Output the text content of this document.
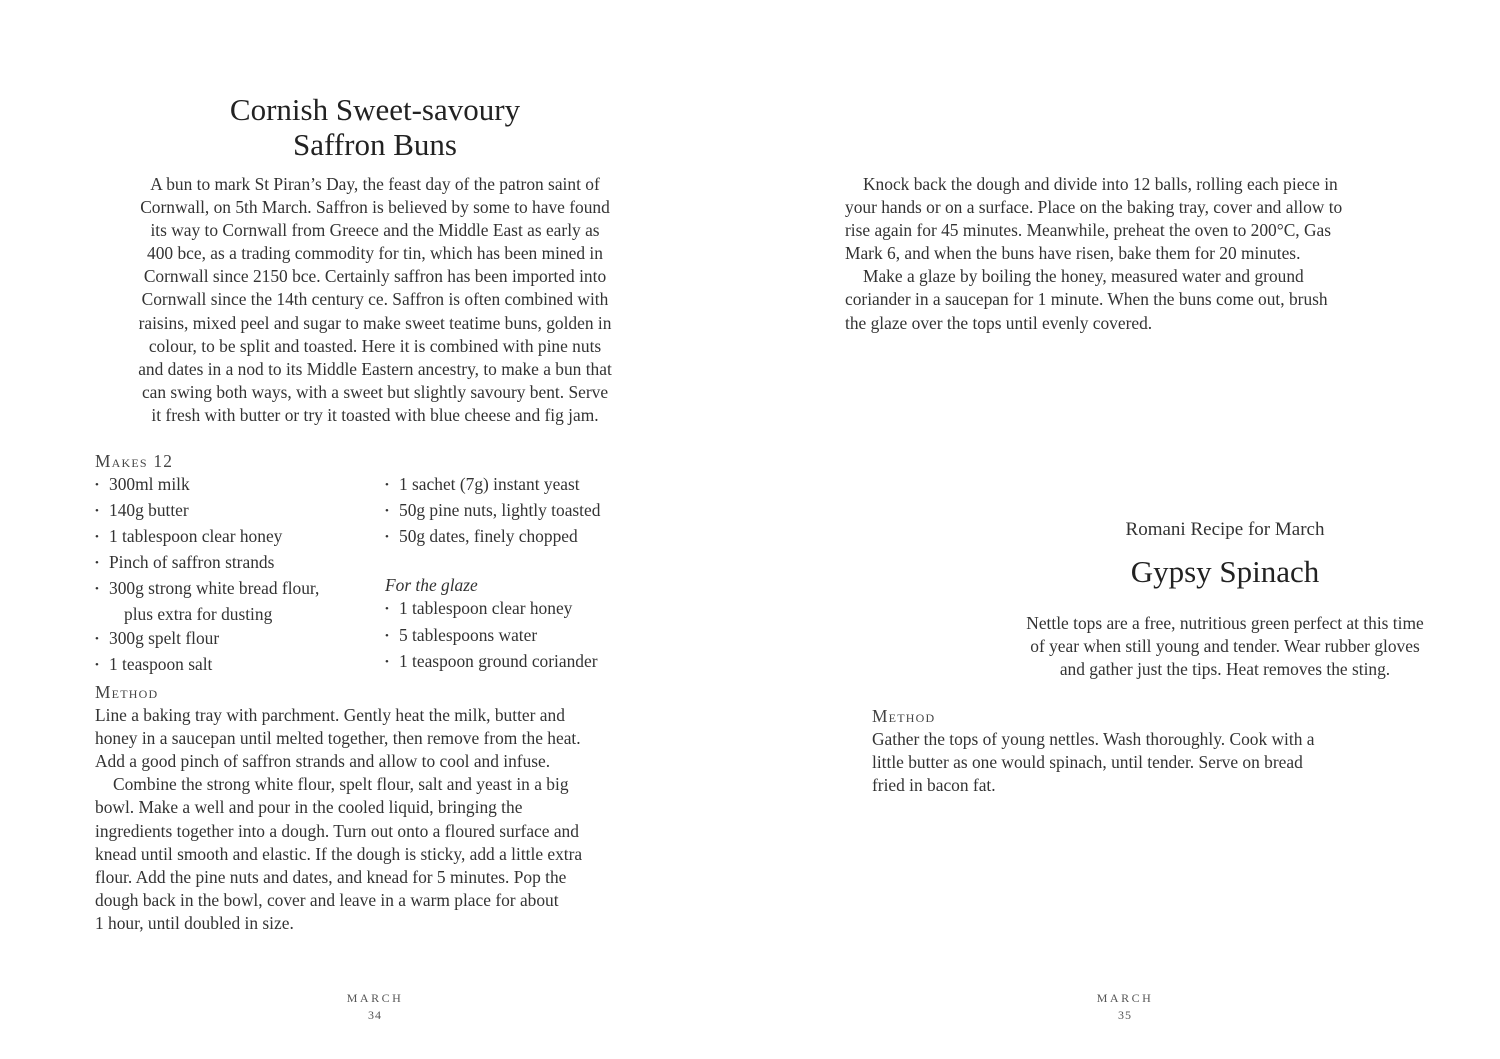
Cornish Sweet-savoury
Saffron Buns
A bun to mark St Piran’s Day, the feast day of the patron saint of
Cornwall, on 5th March. Saffron is believed by some to have found
its way to Cornwall from Greece and the Middle East as early as
400 bce, as a trading commodity for tin, which has been mined in
Cornwall since 2150 bce. Certainly saffron has been imported into
Cornwall since the 14th century ce. Saffron is often combined with
raisins, mixed peel and sugar to make sweet teatime buns, golden in
colour, to be split and toasted. Here it is combined with pine nuts
and dates in a nod to its Middle Eastern ancestry, to make a bun that
can swing both ways, with a sweet but slightly savoury bent. Serve
it fresh with butter or try it toasted with blue cheese and fig jam.
Makes 12
•300ml milk
•140g butter
•1 tablespoon clear honey
•Pinch of saffron strands
•300g strong white bread flour,
plus extra for dusting
•300g spelt flour
•1 teaspoon salt
•1 sachet (7g) instant yeast
•50g pine nuts, lightly toasted
•50g dates, finely chopped
For the glaze
•1 tablespoon clear honey
•5 tablespoons water
•1 teaspoon ground coriander
Method
Line a baking tray with parchment. Gently heat the milk, butter and
honey in a saucepan until melted together, then remove from the heat.
Add a good pinch of saffron strands and allow to cool and infuse.
Combine the strong white flour, spelt flour, salt and yeast in a big
bowl. Make a well and pour in the cooled liquid, bringing the
ingredients together into a dough. Turn out onto a floured surface and
knead until smooth and elastic. If the dough is sticky, add a little extra
flour. Add the pine nuts and dates, and knead for 5 minutes. Pop the
dough back in the bowl, cover and leave in a warm place for about
1 hour, until doubled in size.
MARCH
34
Knock back the dough and divide into 12 balls, rolling each piece in
your hands or on a surface. Place on the baking tray, cover and allow to
rise again for 45 minutes. Meanwhile, preheat the oven to 200°C, Gas
Mark 6, and when the buns have risen, bake them for 20 minutes.
Make a glaze by boiling the honey, measured water and ground
coriander in a saucepan for 1 minute. When the buns come out, brush
the glaze over the tops until evenly covered.
Romani Recipe for March
Gypsy Spinach
Nettle tops are a free, nutritious green perfect at this time
of year when still young and tender. Wear rubber gloves
and gather just the tips. Heat removes the sting.
Method
Gather the tops of young nettles. Wash thoroughly. Cook with a
little butter as one would spinach, until tender. Serve on bread
fried in bacon fat.
MARCH
35
